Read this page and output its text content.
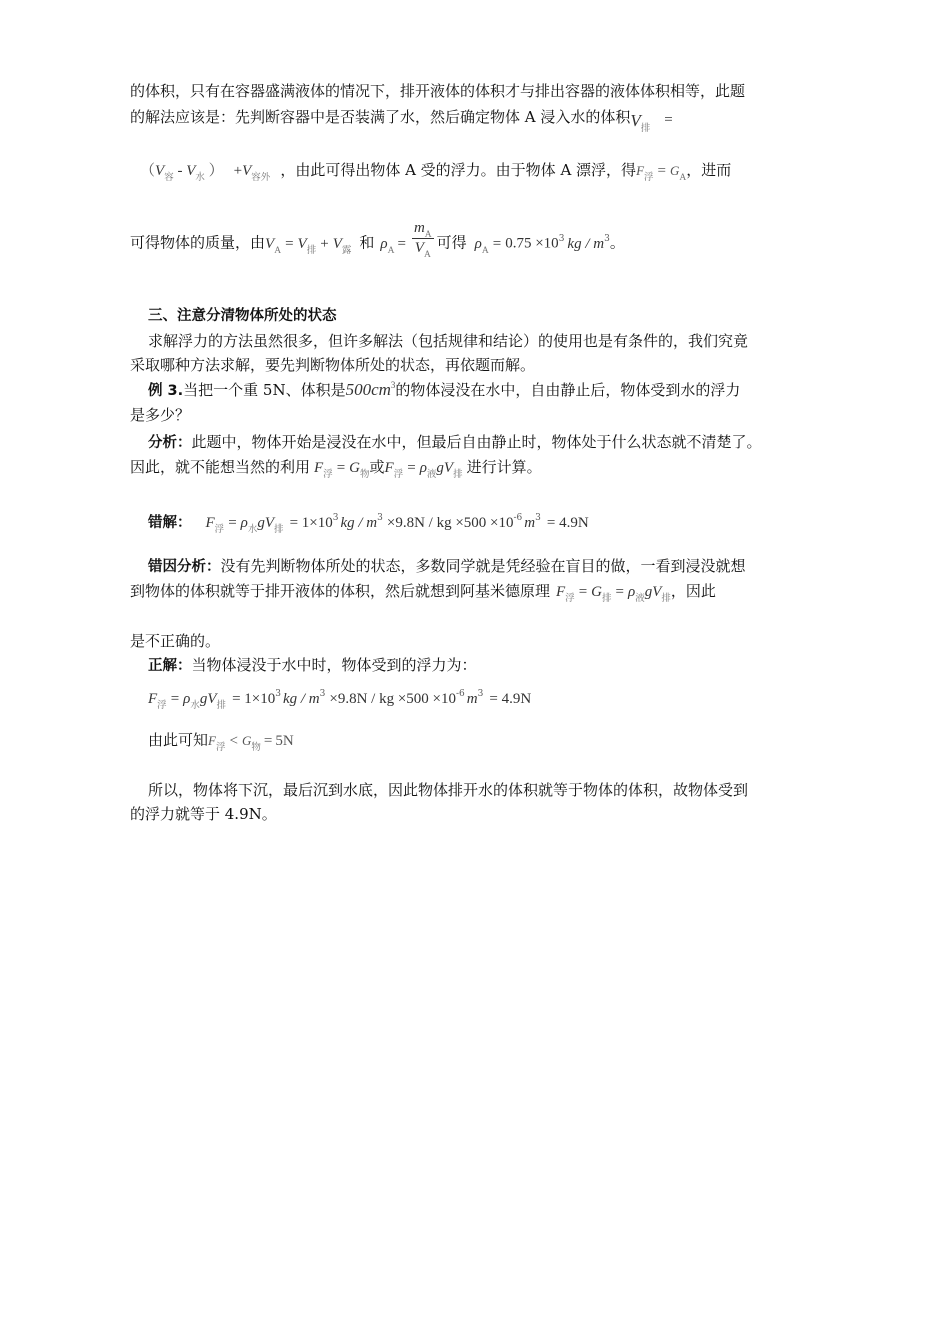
的体积，只有在容器盛满液体的情况下，排开液体的体积才与排出容器的液体体积相等，此题
的解法应该是：先判断容器中是否装满了水，然后确定物体 A 浸入水的体积$V_排=$
（$V_容 - V_水$ ） $+V_{容外}$ ，由此可得出物体 A 受的浮力。由于物体 A 漂浮，得$F_浮 = G_A$，进而
可得物体的质量，由$V_A = V_排 + V_露$ 和 $\rho_A = \frac{m_A}{V_A}$ 可得 $\rho_A = 0.75 \times 10^3$ kg / $m^3$。
三、注意分清物体所处的状态
求解浮力的方法虽然很多，但许多解法（包括规律和结论）的使用也是有条件的，我们究竟
采取哪种方法求解，要先判断物体所处的状态，再依题而解。
例 3.当把一个重 5N、体积是$500cm^3$的物体浸没在水中，自由静止后，物体受到水的浮力
是多少？
分析：此题中，物体开始是浸没在水中，但最后自由静止时，物体处于什么状态就不清楚了。
因此，就不能想当然的利用 $F_浮 = G_物$或$F_浮 = \rho_液gV_排$ 进行计算。
错解： $F_浮 = \rho_水gV_排 = 1\times 10^3$ kg / $m^3 \times 9.8N$ / kg $\times 500 \times 10^{-6}$ $m^3 = 4.9N$
错因分析：没有先判断物体所处的状态，多数同学就是凭经验在盲目的做，一看到浸没就想
到物体的体积就等于排开液体的体积，然后就想到阿基米德原理 $F_浮 = G_排 = \rho_液gV_排$，因此
是不正确的。
正解：当物体浸没于水中时，物体受到的浮力为：
$F_浮 = \rho_水gV_排 = 1\times 10^3$ kg / $m^3 \times 9.8N$ / kg $\times 500 \times 10^{-6}$ $m^3 = 4.9N$
由此可知$F_浮 < G_物 = 5N$
所以，物体将下沉，最后沉到水底，因此物体排开水的体积就等于物体的体积，故物体受到
的浮力就等于 4.9N。
